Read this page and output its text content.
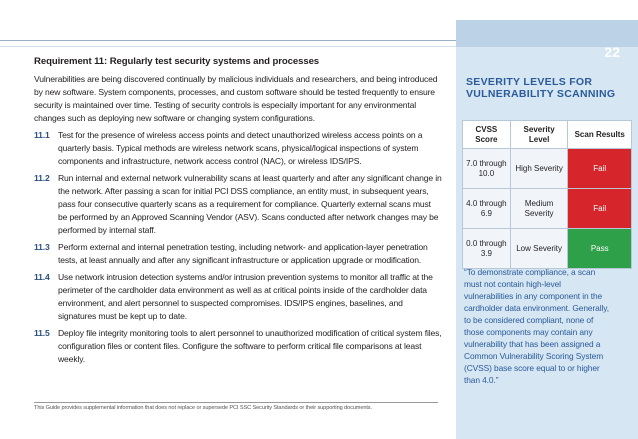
Requirement 11: Regularly test security systems and processes

Vulnerabilities are being discovered continually by malicious individuals and researchers, and being introduced by new software. System components, processes, and custom software should be tested frequently to ensure security is maintained over time. Testing of security controls is especially important for any environmental changes such as deploying new software or changing system configurations.

11.1 Test for the presence of wireless access points and detect unauthorized wireless access points on a quarterly basis. Typical methods are wireless network scans, physical/logical inspections of system components and infrastructure, network access control (NAC), or wireless IDS/IPS.
11.2 Run internal and external network vulnerability scans at least quarterly and after any significant change in the network. After passing a scan for initial PCI DSS compliance, an entity must, in subsequent years, pass four consecutive quarterly scans as a requirement for compliance. Quarterly external scans must be performed by an Approved Scanning Vendor (ASV). Scans conducted after network changes may be performed by internal staff.
11.3 Perform external and internal penetration testing, including network- and application-layer penetration tests, at least annually and after any significant infrastructure or application upgrade or modification.
11.4 Use network intrusion detection systems and/or intrusion prevention systems to monitor all traffic at the perimeter of the cardholder data environment as well as at critical points inside of the cardholder data environment, and alert personnel to suspected compromises. IDS/IPS engines, baselines, and signatures must be kept up to date.
11.5 Deploy file integrity monitoring tools to alert personnel to unauthorized modification of critical system files, configuration files or content files. Configure the software to perform critical file comparisons at least weekly.
This Guide provides supplemental information that does not replace or supersede PCI SSC Security Standards or their supporting documents.
22
SEVERITY LEVELS FOR VULNERABILITY SCANNING
CVSS Score	Severity Level	Scan Results
7.0 through 10.0	High Severity	Fail
4.0 through 6.9	Medium Severity	Fail
0.0 through 3.9	Low Severity	Pass

“To demonstrate compliance, a scan must not contain high-level vulnerabilities in any component in the cardholder data environment. Generally, to be considered compliant, none of those components may contain any vulnerability that has been assigned a Common Vulnerability Scoring System (CVSS) base score equal to or higher than 4.0.”
